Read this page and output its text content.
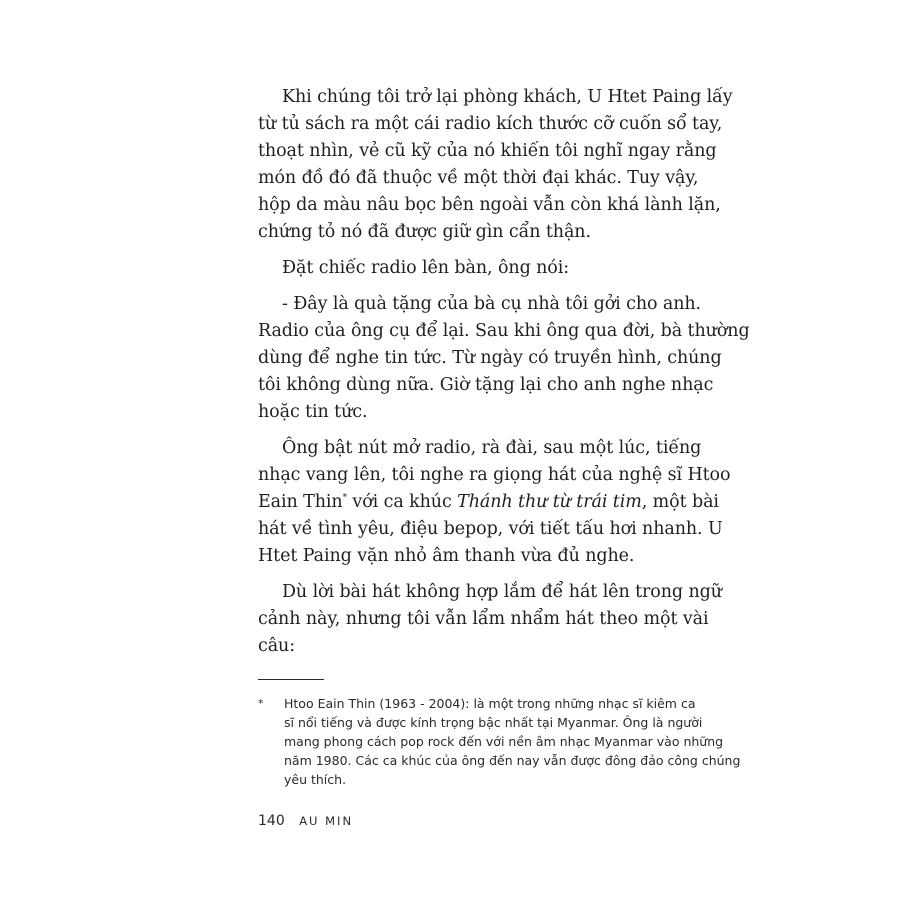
Khi chúng tôi trở lại phòng khách, U Htet Paing lấy
từ tủ sách ra một cái radio kích thước cỡ cuốn sổ tay,
thoạt nhìn, vẻ cũ kỹ của nó khiến tôi nghĩ ngay rằng
món đồ đó đã thuộc về một thời đại khác. Tuy vậy,
hộp da màu nâu bọc bên ngoài vẫn còn khá lành lặn,
chứng tỏ nó đã được giữ gìn cẩn thận.

Đặt chiếc radio lên bàn, ông nói:

- Đây là quà tặng của bà cụ nhà tôi gởi cho anh.
Radio của ông cụ để lại. Sau khi ông qua đời, bà thường
dùng để nghe tin tức. Từ ngày có truyền hình, chúng
tôi không dùng nữa. Giờ tặng lại cho anh nghe nhạc
hoặc tin tức.

Ông bật nút mở radio, rà đài, sau một lúc, tiếng
nhạc vang lên, tôi nghe ra giọng hát của nghệ sĩ Htoo
Eain Thin* với ca khúc Thánh thư từ trái tim, một bài
hát về tình yêu, điệu bepop, với tiết tấu hơi nhanh. U
Htet Paing vặn nhỏ âm thanh vừa đủ nghe.

Dù lời bài hát không hợp lắm để hát lên trong ngữ
cảnh này, nhưng tôi vẫn lẩm nhẩm hát theo một vài
câu:

* Htoo Eain Thin (1963 - 2004): là một trong những nhạc sĩ kiêm ca
sĩ nổi tiếng và được kính trọng bậc nhất tại Myanmar. Ông là người
mang phong cách pop rock đến với nền âm nhạc Myanmar vào những
năm 1980. Các ca khúc của ông đến nay vẫn được đông đảo công chúng
yêu thích.
140 AU MIN
